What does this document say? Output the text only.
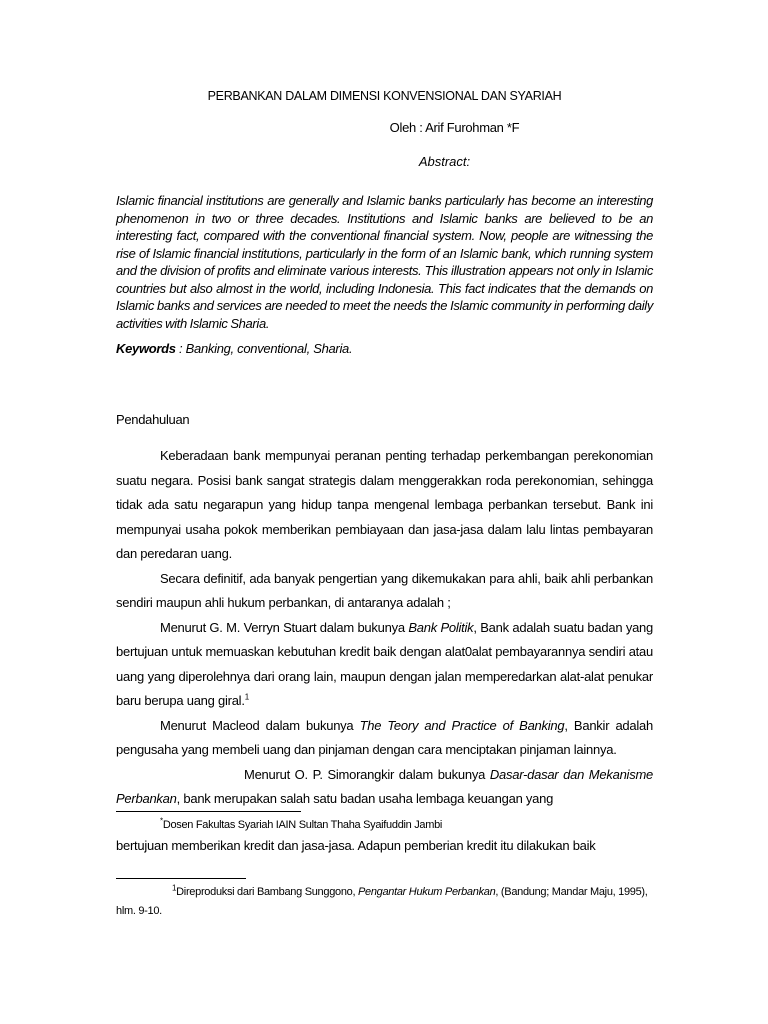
PERBANKAN DALAM DIMENSI KONVENSIONAL DAN SYARIAH

Oleh : Arif Furohman *F
Abstract:

Islamic financial institutions are generally and Islamic banks particularly has become an interesting phenomenon in two or three decades. Institutions and Islamic banks are believed to be an interesting fact, compared with the conventional financial system. Now, people are witnessing the rise of Islamic financial institutions, particularly in the form of an Islamic bank, which running system and the division of profits and eliminate various interests. This illustration appears not only in Islamic countries but also almost in the world, including Indonesia. This fact indicates that the demands on Islamic banks and services are needed to meet the needs the Islamic community in performing daily activities with Islamic Sharia.

Keywords : Banking, conventional, Sharia.
Pendahuluan

Keberadaan bank mempunyai peranan penting terhadap perkembangan perekonomian suatu negara. Posisi bank sangat strategis dalam menggerakkan roda perekonomian, sehingga tidak ada satu negarapun yang hidup tanpa mengenal lembaga perbankan tersebut. Bank ini mempunyai usaha pokok memberikan pembiayaan dan jasa-jasa dalam lalu lintas pembayaran dan peredaran uang.

Secara definitif, ada banyak pengertian yang dikemukakan para ahli, baik ahli perbankan sendiri maupun ahli hukum perbankan, di antaranya adalah ;

Menurut G. M. Verryn Stuart dalam bukunya Bank Politik, Bank adalah suatu badan yang bertujuan untuk memuaskan kebutuhan kredit baik dengan alat0alat pembayarannya sendiri atau uang yang diperolehnya dari orang lain, maupun dengan jalan memperedarkan alat-alat penukar baru berupa uang giral.$^1$

Menurut Macleod dalam bukunya The Teory and Practice of Banking, Bankir adalah pengusaha yang membeli uang dan pinjaman dengan cara menciptakan pinjaman lainnya.

Menurut O. P. Simorangkir dalam bukunya Dasar-dasar dan Mekanisme Perbankan, bank merupakan salah satu badan usaha lembaga keuangan yang

*Dosen Fakultas Syariah IAIN Sultan Thaha Syaifuddin Jambi

bertujuan memberikan kredit dan jasa-jasa. Adapun pemberian kredit itu dilakukan baik

$^1$Direproduksi dari Bambang Sunggono, Pengantar Hukum Perbankan, (Bandung; Mandar Maju, 1995), hlm. 9-10.
